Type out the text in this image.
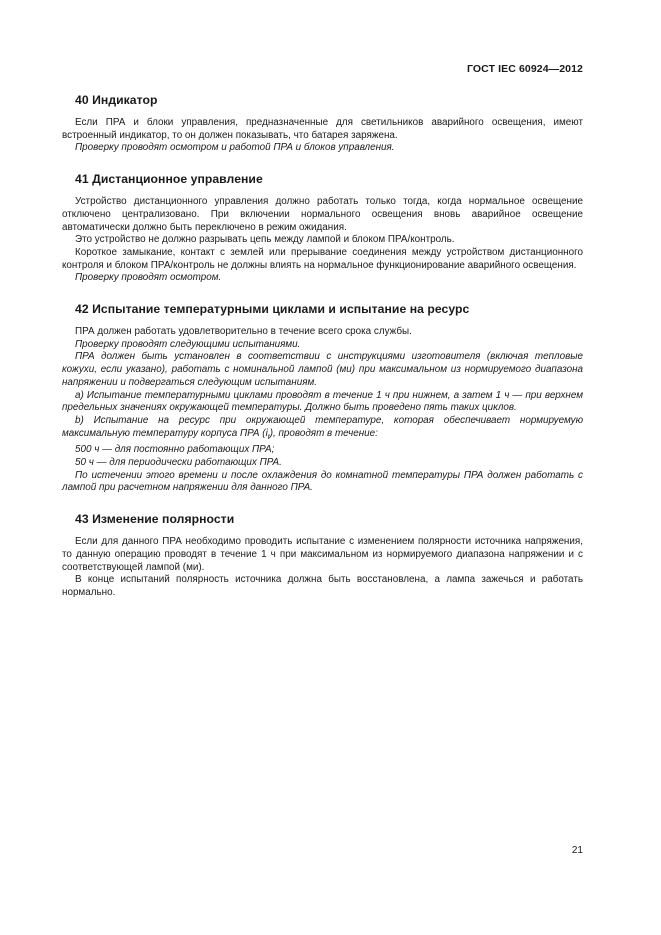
ГОСТ IEC 60924—2012
40 Индикатор

Если ПРА и блоки управления, предназначенные для светильников аварийного освещения, имеют встроенный индикатор, то он должен показывать, что батарея заряжена.

Проверку проводят осмотром и работой ПРА и блоков управления.

41 Дистанционное управление

Устройство дистанционного управления должно работать только тогда, когда нормальное освещение отключено централизовано. При включении нормального освещения вновь аварийное освещение автоматически должно быть переключено в режим ожидания.

Это устройство не должно разрывать цепь между лампой и блоком ПРА/контроль.

Короткое замыкание, контакт с землей или прерывание соединения между устройством дистанционного контроля и блоком ПРА/контроль не должны влиять на нормальное функционирование аварийного освещения.

Проверку проводят осмотром.

42 Испытание температурными циклами и испытание на ресурс

ПРА должен работать удовлетворительно в течение всего срока службы.

Проверку проводят следующими испытаниями.

ПРА должен быть установлен в соответствии с инструкциями изготовителя (включая тепловые кожухи, если указано), работать с номинальной лампой (ми) при максимальном из нормируемого диапазона напряжении и подвергаться следующим испытаниям.

a) Испытание температурными циклами проводят в течение 1 ч при нижнем, а затем 1 ч — при верхнем предельных значениях окружающей температуры. Должно быть проведено пять таких циклов.

b) Испытание на ресурс при окружающей температуре, которая обеспечивает нормируемую максимальную температуру корпуса ПРА $(i_t)$, проводят в течение:

500 ч — для постоянно работающих ПРА;

50 ч — для периодически работающих ПРА.

По истечении этого времени и после охлаждения до комнатной температуры ПРА должен работать с лампой при расчетном напряжении для данного ПРА.

43 Изменение полярности

Если для данного ПРА необходимо проводить испытание с изменением полярности источника напряжения, то данную операцию проводят в течение 1 ч при максимальном из нормируемого диапазона напряжении и с соответствующей лампой (ми).

В конце испытаний полярность источника должна быть восстановлена, а лампа зажечься и работать нормально.

21
